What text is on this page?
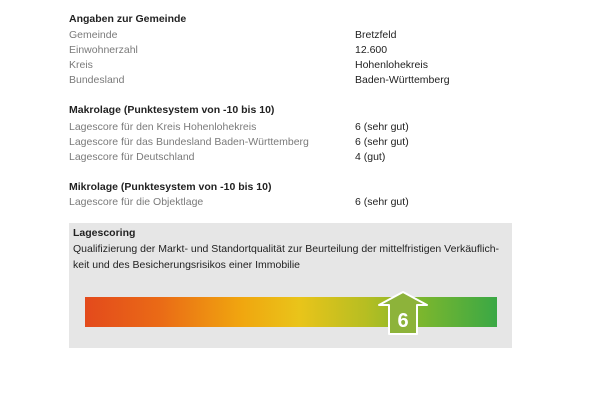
Angaben zur Gemeinde
Gemeinde	Bretzfeld
Einwohnerzahl	12.600
Kreis	Hohenlohekreis
Bundesland	Baden-Württemberg
Makrolage (Punktesystem von -10 bis 10)
Lagescore für den Kreis Hohenlohekreis	6 (sehr gut)
Lagescore für das Bundesland Baden-Württemberg	6 (sehr gut)
Lagescore für Deutschland	4 (gut)
Mikrolage (Punktesystem von -10 bis 10)
Lagescore für die Objektlage	6 (sehr gut)
Lagescoring
Qualifizierung der Markt- und Standortqualität zur Beurteilung der mittelfristigen Verkäuflich-
keit und des Besicherungsrisikos einer Immobilie
6
